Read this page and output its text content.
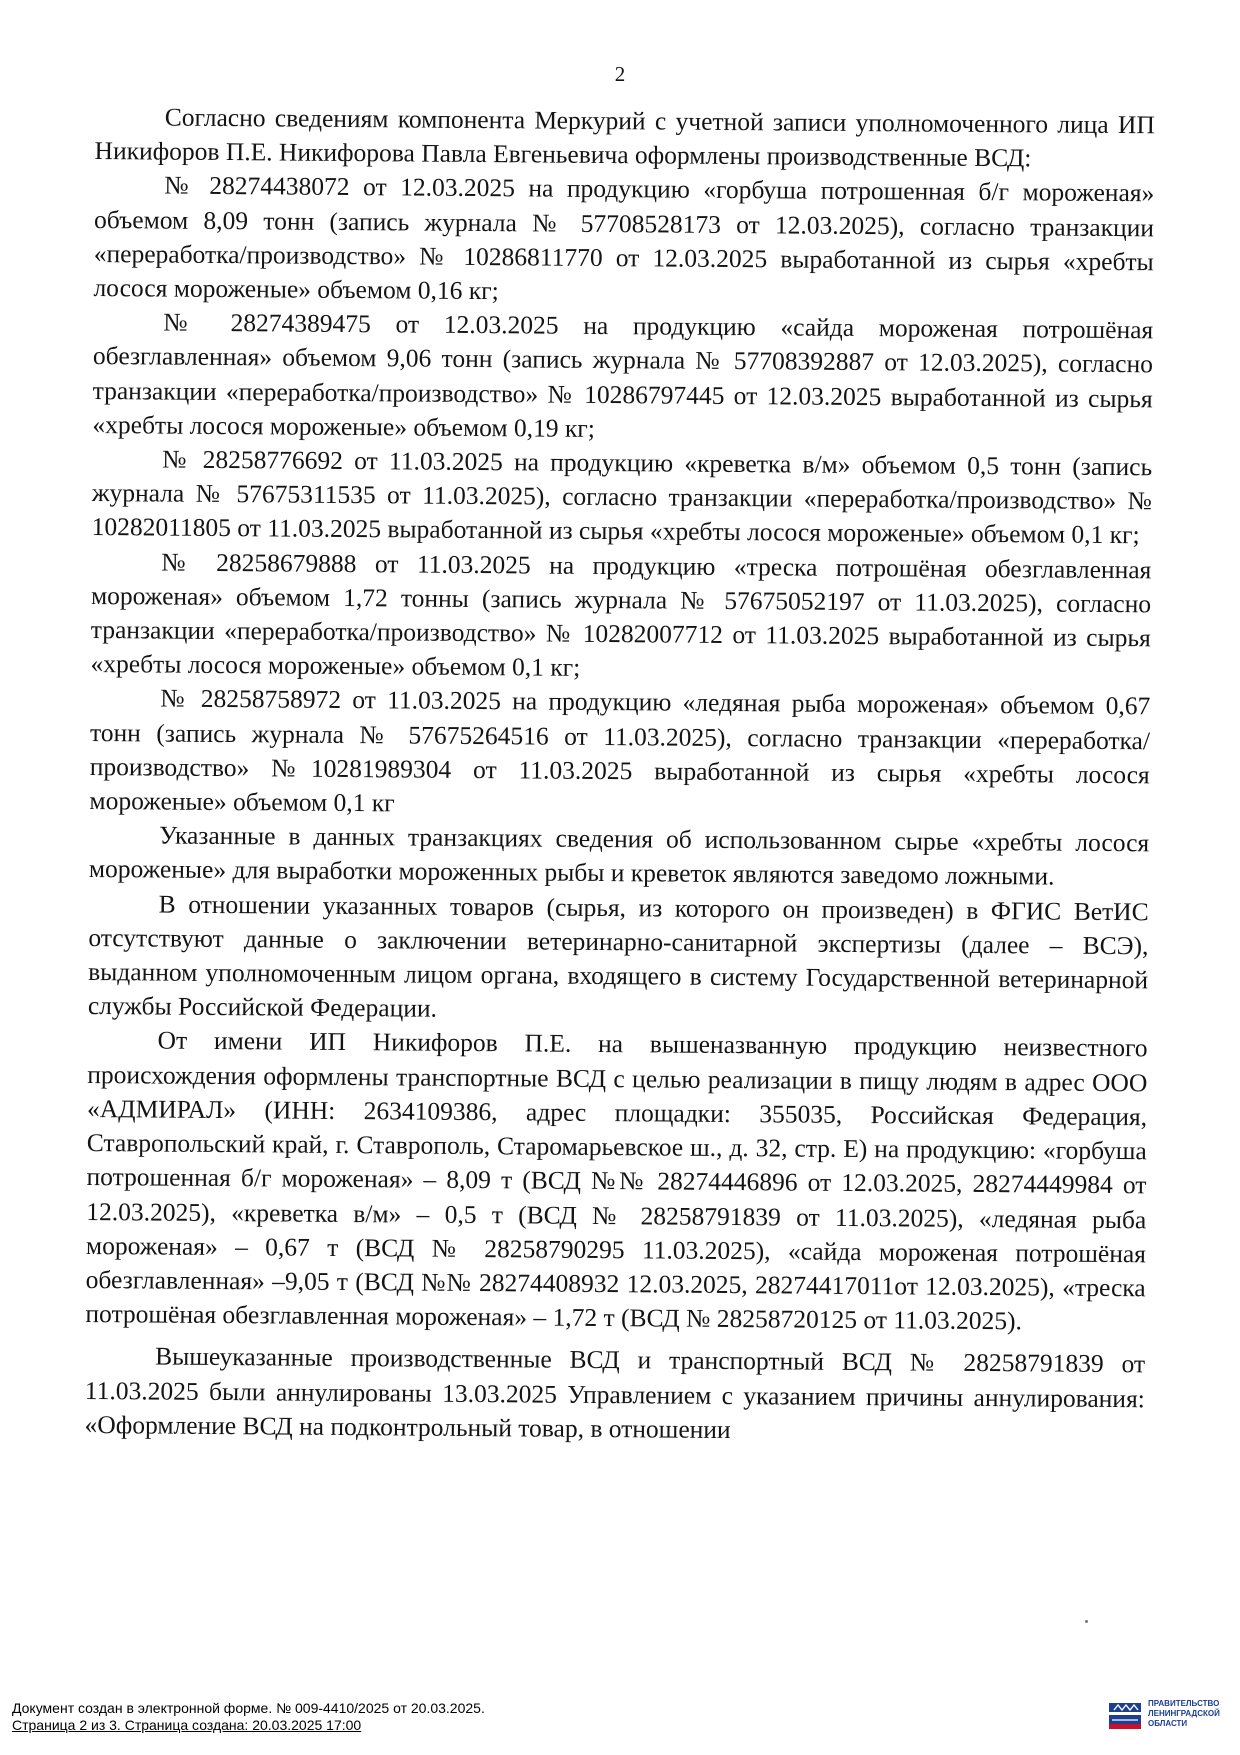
2

Согласно сведениям компонента Меркурий с учетной записи уполномоченного лица ИП Никифоров П.Е. Никифорова Павла Евгеньевича оформлены производственные ВСД:

№ 28274438072 от 12.03.2025 на продукцию «горбуша потрошенная б/г мороженая» объемом 8,09 тонн (запись журнала № 57708528173 от 12.03.2025), согласно транзакции «переработка/производство» № 10286811770 от 12.03.2025 выработанной из сырья «хребты лосося мороженые» объемом 0,16 кг;

№ 28274389475 от 12.03.2025 на продукцию «сайда мороженая потрошёная обезглавленная» объемом 9,06 тонн (запись журнала № 57708392887 от 12.03.2025), согласно транзакции «переработка/производство» № 10286797445 от 12.03.2025 выработанной из сырья «хребты лосося мороженые» объемом 0,19 кг;

№ 28258776692 от 11.03.2025 на продукцию «креветка в/м» объемом 0,5 тонн (запись журнала № 57675311535 от 11.03.2025), согласно транзакции «переработка/производство» № 10282011805 от 11.03.2025 выработанной из сырья «хребты лосося мороженые» объемом 0,1 кг;

№ 28258679888 от 11.03.2025 на продукцию «треска потрошёная обезглавленная мороженая» объемом 1,72 тонны (запись журнала № 57675052197 от 11.03.2025), согласно транзакции «переработка/производство» № 10282007712 от 11.03.2025 выработанной из сырья «хребты лосося мороженые» объемом 0,1 кг;

№ 28258758972 от 11.03.2025 на продукцию «ледяная рыба мороженая» объемом 0,67 тонн (запись журнала № 57675264516 от 11.03.2025), согласно транзакции «переработка/производство» №10281989304 от 11.03.2025 выработанной из сырья «хребты лосося мороженые» объемом 0,1 кг

Указанные в данных транзакциях сведения об использованном сырье «хребты лосося мороженые» для выработки мороженных рыбы и креветок являются заведомо ложными.

В отношении указанных товаров (сырья, из которого он произведен) в ФГИС ВетИС отсутствуют данные о заключении ветеринарно-санитарной экспертизы (далее – ВСЭ), выданном уполномоченным лицом органа, входящего в систему Государственной ветеринарной службы Российской Федерации.

От имени ИП Никифоров П.Е. на вышеназванную продукцию неизвестного происхождения оформлены транспортные ВСД с целью реализации в пищу людям в адрес ООО «АДМИРАЛ» (ИНН: 2634109386, адрес площадки: 355035, Российская Федерация, Ставропольский край, г. Ставрополь, Старомарьевское ш., д. 32, стр. Е) на продукцию: «горбуша потрошенная б/г мороженая» – 8,09 т (ВСД №№ 28274446896 от 12.03.2025, 28274449984 от 12.03.2025), «креветка в/м» – 0,5 т (ВСД № 28258791839 от 11.03.2025), «ледяная рыба мороженая» – 0,67 т (ВСД № 28258790295 11.03.2025), «сайда мороженая потрошёная обезглавленная» –9,05 т (ВСД №№ 28274408932 12.03.2025, 28274417011от 12.03.2025), «треска потрошёная обезглавленная мороженая» – 1,72 т (ВСД № 28258720125 от 11.03.2025).

Вышеуказанные производственные ВСД и транспортный ВСД № 28258791839 от 11.03.2025 были аннулированы 13.03.2025 Управлением с указанием причины аннулирования: «Оформление ВСД на подконтрольный товар, в отношении

Документ создан в электронной форме. № 009-4410/2025 от 20.03.2025.
Страница 2 из 3. Страница создана: 20.03.2025 17:00
ПРАВИТЕЛЬСТВО
ЛЕНИНГРАДСКОЙ
ОБЛАСТИ
